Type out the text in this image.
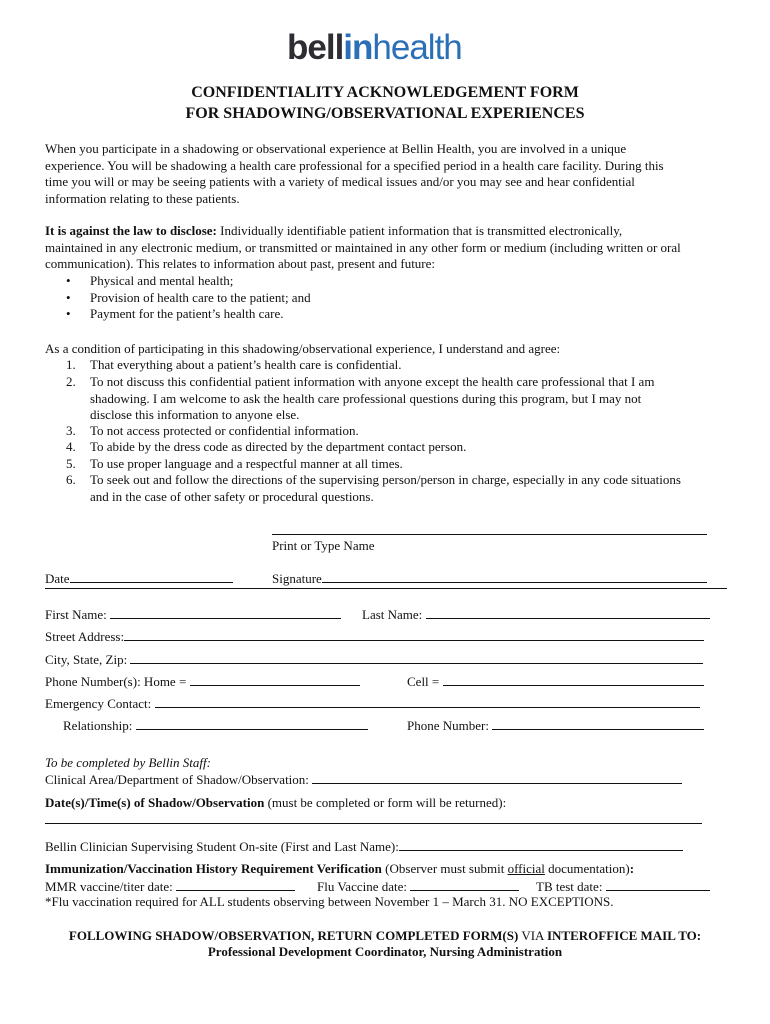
bellinhealth
CONFIDENTIALITY ACKNOWLEDGEMENT FORM
FOR SHADOWING/OBSERVATIONAL EXPERIENCES
When you participate in a shadowing or observational experience at Bellin Health, you are involved in a unique
experience. You will be shadowing a health care professional for a specified period in a health care facility. During this
time you will or may be seeing patients with a variety of medical issues and/or you may see and hear confidential
information relating to these patients.
It is against the law to disclose: Individually identifiable patient information that is transmitted electronically,
maintained in any electronic medium, or transmitted or maintained in any other form or medium (including written or oral
communication). This relates to information about past, present and future:
• Physical and mental health;
• Provision of health care to the patient; and
• Payment for the patient’s health care.
As a condition of participating in this shadowing/observational experience, I understand and agree:
1. That everything about a patient’s health care is confidential.
2. To not discuss this confidential patient information with anyone except the health care professional that I am
shadowing. I am welcome to ask the health care professional questions during this program, but I may not
disclose this information to anyone else.
3. To not access protected or confidential information.
4. To abide by the dress code as directed by the department contact person.
5. To use proper language and a respectful manner at all times.
6. To seek out and follow the directions of the supervising person/person in charge, especially in any code situations
and in the case of other safety or procedural questions.
Print or Type Name
Date	Signature
First Name:	Last Name:
Street Address:
City, State, Zip:
Phone Number(s): Home =	Cell =
Emergency Contact:
Relationship:	Phone Number:
To be completed by Bellin Staff:
Clinical Area/Department of Shadow/Observation:
Date(s)/Time(s) of Shadow/Observation (must be completed or form will be returned):
Bellin Clinician Supervising Student On-site (First and Last Name):
Immunization/Vaccination History Requirement Verification (Observer must submit official documentation):
MMR vaccine/titer date:	Flu Vaccine date:	TB test date:
*Flu vaccination required for ALL students observing between November 1 – March 31. NO EXCEPTIONS.
FOLLOWING SHADOW/OBSERVATION, RETURN COMPLETED FORM(S) VIA INTEROFFICE MAIL TO:
Professional Development Coordinator, Nursing Administration
